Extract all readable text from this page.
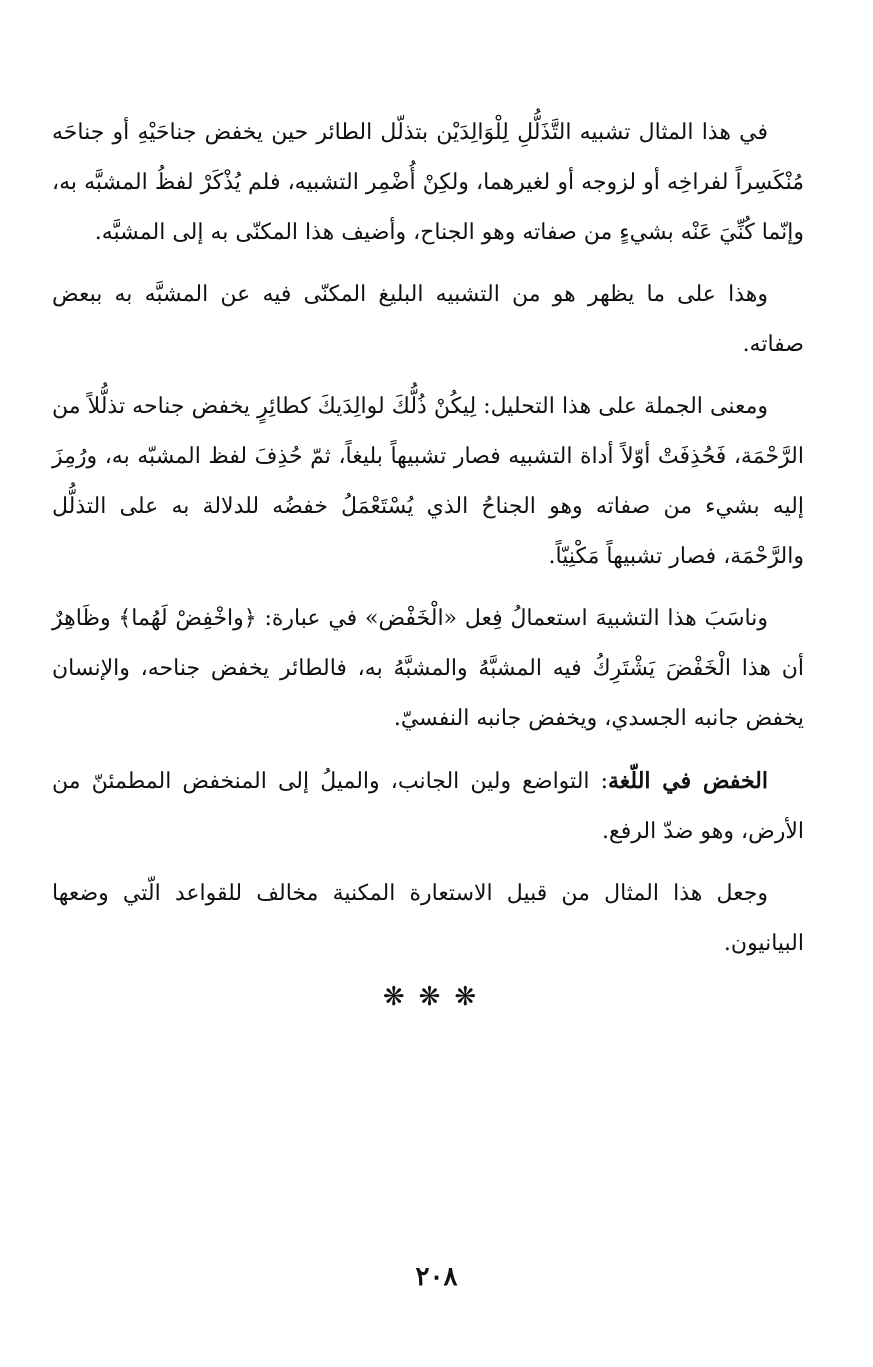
في هذا المثال تشبيه التَّذَلُّلِ لِلْوَالِدَيْن بتذلّل الطائر حين يخفض جناحَيْهِ أو جناحَه مُنْكَسِراً لفراخِه أو لزوجه أو لغيرهما، ولكِنْ أُضْمِر التشبيه، فلم يُذْكَرْ لفظُ المشبَّه به، وإنّما كُنِّيَ عَنْه بشيءٍ من صفاته وهو الجناح، وأضيف هذا المكنّى به إلى المشبَّه.

وهذا على ما يظهر هو من التشبيه البليغ المكنّى فيه عن المشبَّه به ببعض صفاته.

ومعنى الجملة على هذا التحليل: لِيكُنْ ذُلُّكَ لوالِدَيكَ كطائِرٍ يخفض جناحه تذلُّلاً من الرَّحْمَة، فَحُذِفَتْ أوّلاً أداة التشبيه فصار تشبيهاً بليغاً، ثمّ حُذِفَ لفظ المشبّه به، ورُمِزَ إليه بشيء من صفاته وهو الجناحُ الذي يُسْتَعْمَلُ خفضُه للدلالة به على التذلُّل والرَّحْمَة، فصار تشبيهاً مَكْنِيّاً.

وناسَبَ هذا التشبيهَ استعمالُ فِعل «الْخَفْض» في عبارة: ﴿واخْفِضْ لَهُما﴾ وظَاهِرٌ أن هذا الْخَفْضَ يَشْتَرِكُ فيه المشبَّهُ والمشبَّهُ به، فالطائر يخفض جناحه، والإنسان يخفض جانبه الجسدي، ويخفض جانبه النفسيّ.

الخفض في اللّغة: التواضع ولين الجانب، والميلُ إلى المنخفض المطمئنّ من الأرض، وهو ضدّ الرفع.

وجعل هذا المثال من قبيل الاستعارة المكنية مخالف للقواعد الّتي وضعها البيانيون.

❋❋❋
٢٠٨
